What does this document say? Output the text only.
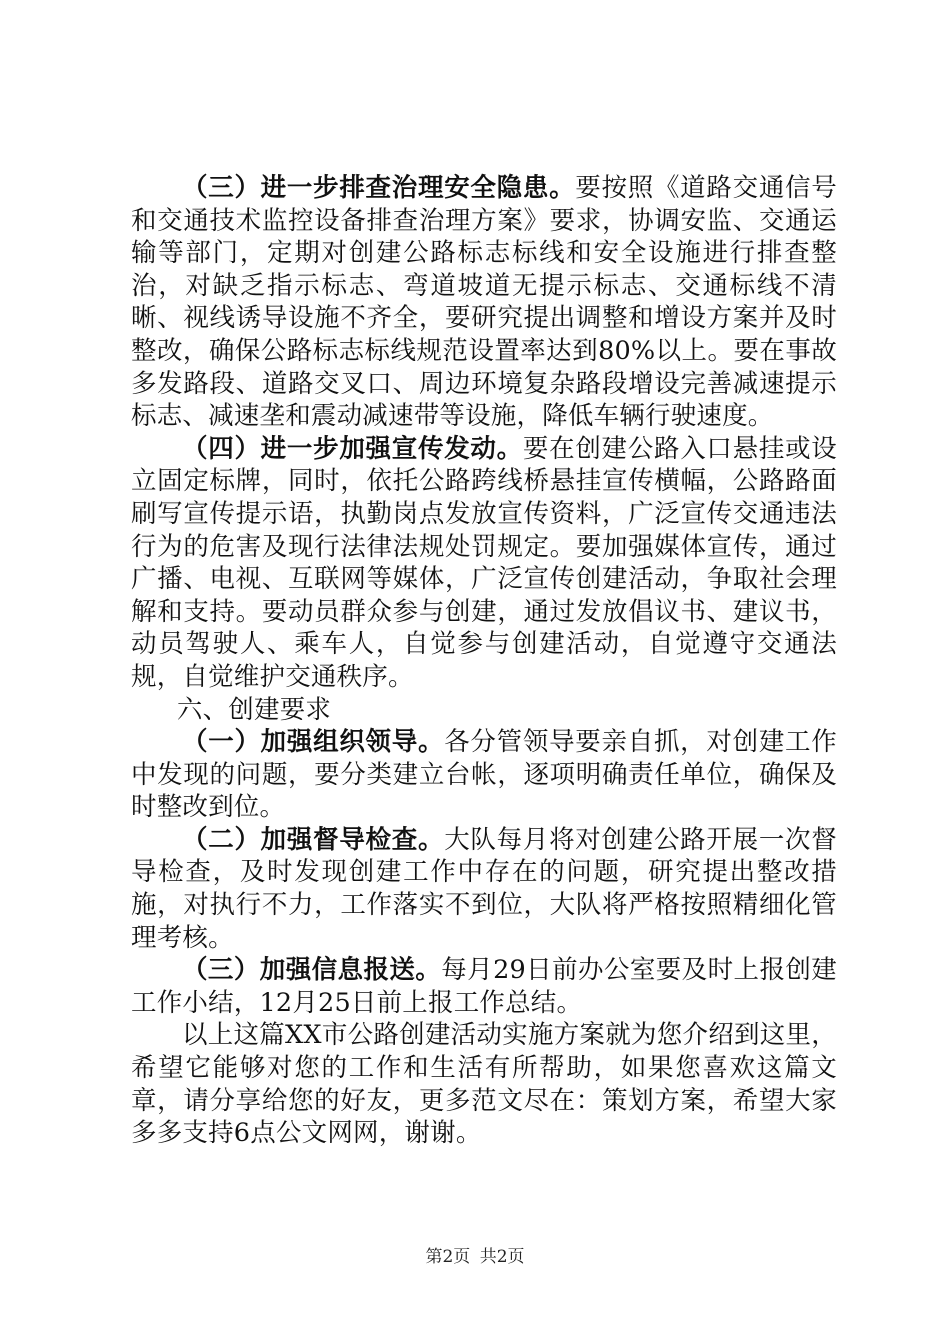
（三）进一步排查治理安全隐患。要按照《道路交通信号和交通技术监控设备排查治理方案》要求，协调安监、交通运输等部门，定期对创建公路标志标线和安全设施进行排查整治，对缺乏指示标志、弯道坡道无提示标志、交通标线不清晰、视线诱导设施不齐全，要研究提出调整和增设方案并及时整改，确保公路标志标线规范设置率达到80%以上。要在事故多发路段、道路交叉口、周边环境复杂路段增设完善减速提示标志、减速垄和震动减速带等设施，降低车辆行驶速度。

（四）进一步加强宣传发动。要在创建公路入口悬挂或设立固定标牌，同时，依托公路跨线桥悬挂宣传横幅，公路路面刷写宣传提示语，执勤岗点发放宣传资料，广泛宣传交通违法行为的危害及现行法律法规处罚规定。要加强媒体宣传，通过广播、电视、互联网等媒体，广泛宣传创建活动，争取社会理解和支持。要动员群众参与创建，通过发放倡议书、建议书，动员驾驶人、乘车人，自觉参与创建活动，自觉遵守交通法规，自觉维护交通秩序。

六、创建要求

（一）加强组织领导。各分管领导要亲自抓，对创建工作中发现的问题，要分类建立台帐，逐项明确责任单位，确保及时整改到位。

（二）加强督导检查。大队每月将对创建公路开展一次督导检查，及时发现创建工作中存在的问题，研究提出整改措施，对执行不力，工作落实不到位，大队将严格按照精细化管理考核。

（三）加强信息报送。每月29日前办公室要及时上报创建工作小结，12月25日前上报工作总结。

以上这篇XX市公路创建活动实施方案就为您介绍到这里，希望它能够对您的工作和生活有所帮助，如果您喜欢这篇文章，请分享给您的好友，更多范文尽在：策划方案，希望大家多多支持6点公文网网，谢谢。

第2页 共2页
